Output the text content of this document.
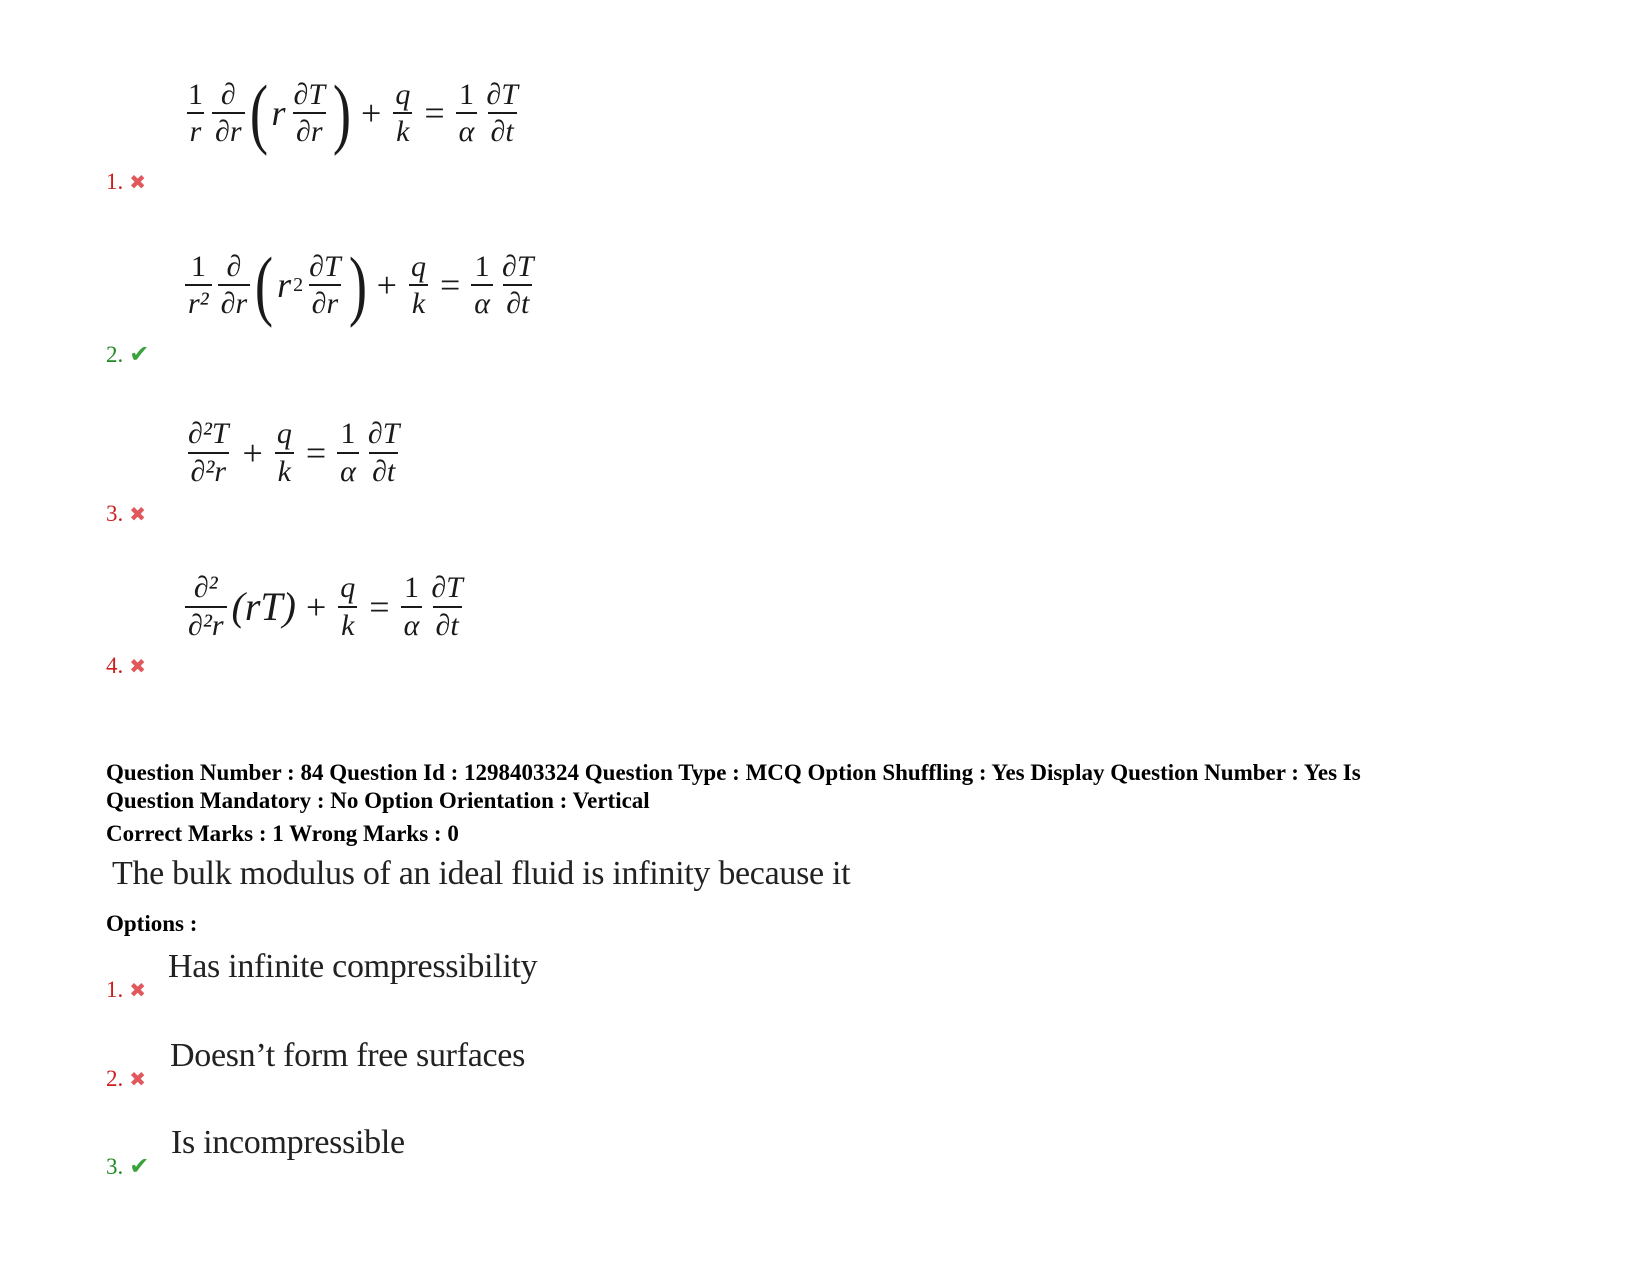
$\frac{1}{r} \frac{\partial}{\partial r}$ ( r $\frac{\partial T}{\partial r}$ ) + $\frac{q}{k} = \frac{1}{\alpha} \frac{\partial T}{\partial t}$
1. ✖
$\frac{1}{\text{r²}} \frac{\partial}{\partial r}$ ( r $2 \frac{\partial T}{\partial r}$ ) + $\frac{q}{k} = \frac{1}{\alpha} \frac{\partial T}{\partial t}$
2. ✔
$\frac{\text{∂²T}}{\text{∂²r}} + \frac{q}{k} = \frac{1}{\alpha} \frac{\partial T}{\partial t}$
3. ✖
$\frac{\text{∂²}}{\text{∂²r}} (rT) + \frac{q}{k} = \frac{1}{\alpha} \frac{\partial T}{\partial t}$
4. ✖
Question Number : 84 Question Id : 1298403324 Question Type : MCQ Option Shuffling : Yes Display Question Number : Yes Is
Question Mandatory : No Option Orientation : Vertical
Correct Marks : 1 Wrong Marks : 0
The bulk modulus of an ideal fluid is infinity because it
Options :
Has infinite compressibility
1. ✖
Doesn’t form free surfaces
2. ✖
Is incompressible
3. ✔
